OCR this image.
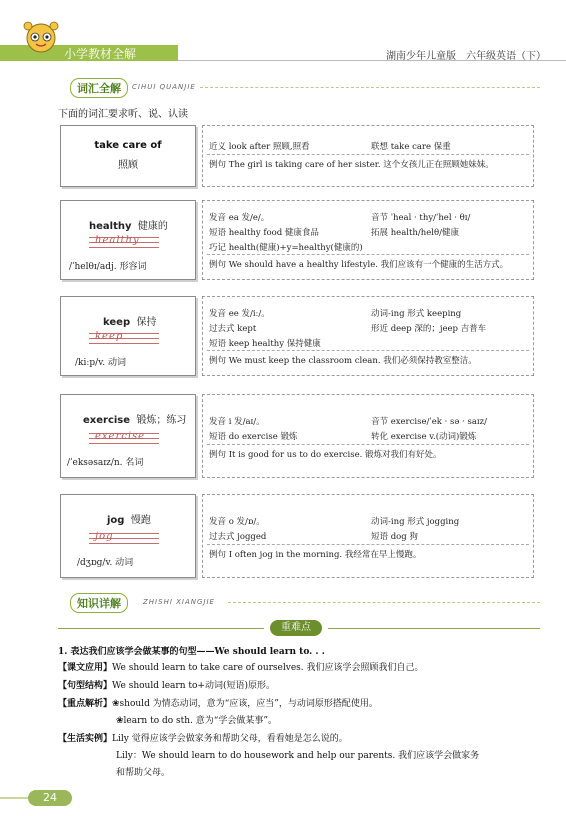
小学教材全解	湖南少年儿童版　六年级英语（下）
词汇全解	CIHUI QUANJIE
下面的词汇要求听、说、认读
take care of
照顾
近义 look after 照顾,照看	联想 take care 保重
例句 The girl is taking care of her sister. 这个女孩儿正在照顾她妹妹。
healthy 健康的
healthy
/ˈhelθɪ/adj. 形容词
发音 ea 发/e/。	音节 ˈheal · thy/ˈhel · θɪ/
短语 healthy food 健康食品	拓展 health/helθ/健康
巧记 health(健康)+y=healthy(健康的)
例句 We should have a healthy lifestyle. 我们应该有一个健康的生活方式。
keep 保持
keep
/kiːp/v. 动词
发音 ee 发/iː/。	动词-ing 形式 keeping
过去式 kept	形近 deep 深的；jeep 吉普车
短语 keep healthy 保持健康
例句 We must keep the classroom clean. 我们必须保持教室整洁。
exercise 锻炼；练习
exercise
/ˈeksəsaɪz/n. 名词
发音 i 发/aɪ/。	音节 exercise/ˈek · sə · saɪz/
短语 do exercise 锻炼	转化 exercise v.(动词)锻炼
例句 It is good for us to do exercise. 锻炼对我们有好处。
jog 慢跑
jog
/dʒɒg/v. 动词
发音 o 发/ɒ/。	动词-ing 形式 jogging
过去式 jogged	短语 dog 狗
例句 I often jog in the morning. 我经常在早上慢跑。
知识详解	ZHISHI XIANGJIE
重难点
1. 表达我们应该学会做某事的句型——We should learn to. . .
【课文应用】We should learn to take care of ourselves. 我们应该学会照顾我们自己。
【句型结构】We should learn to+动词(短语)原形。
【重点解析】❀should 为情态动词，意为“应该，应当”，与动词原形搭配使用。
❀learn to do sth. 意为“学会做某事”。
【生活实例】Lily 觉得应该学会做家务和帮助父母，看看她是怎么说的。
Lily：We should learn to do housework and help our parents. 我们应该学会做家务
和帮助父母。
24
